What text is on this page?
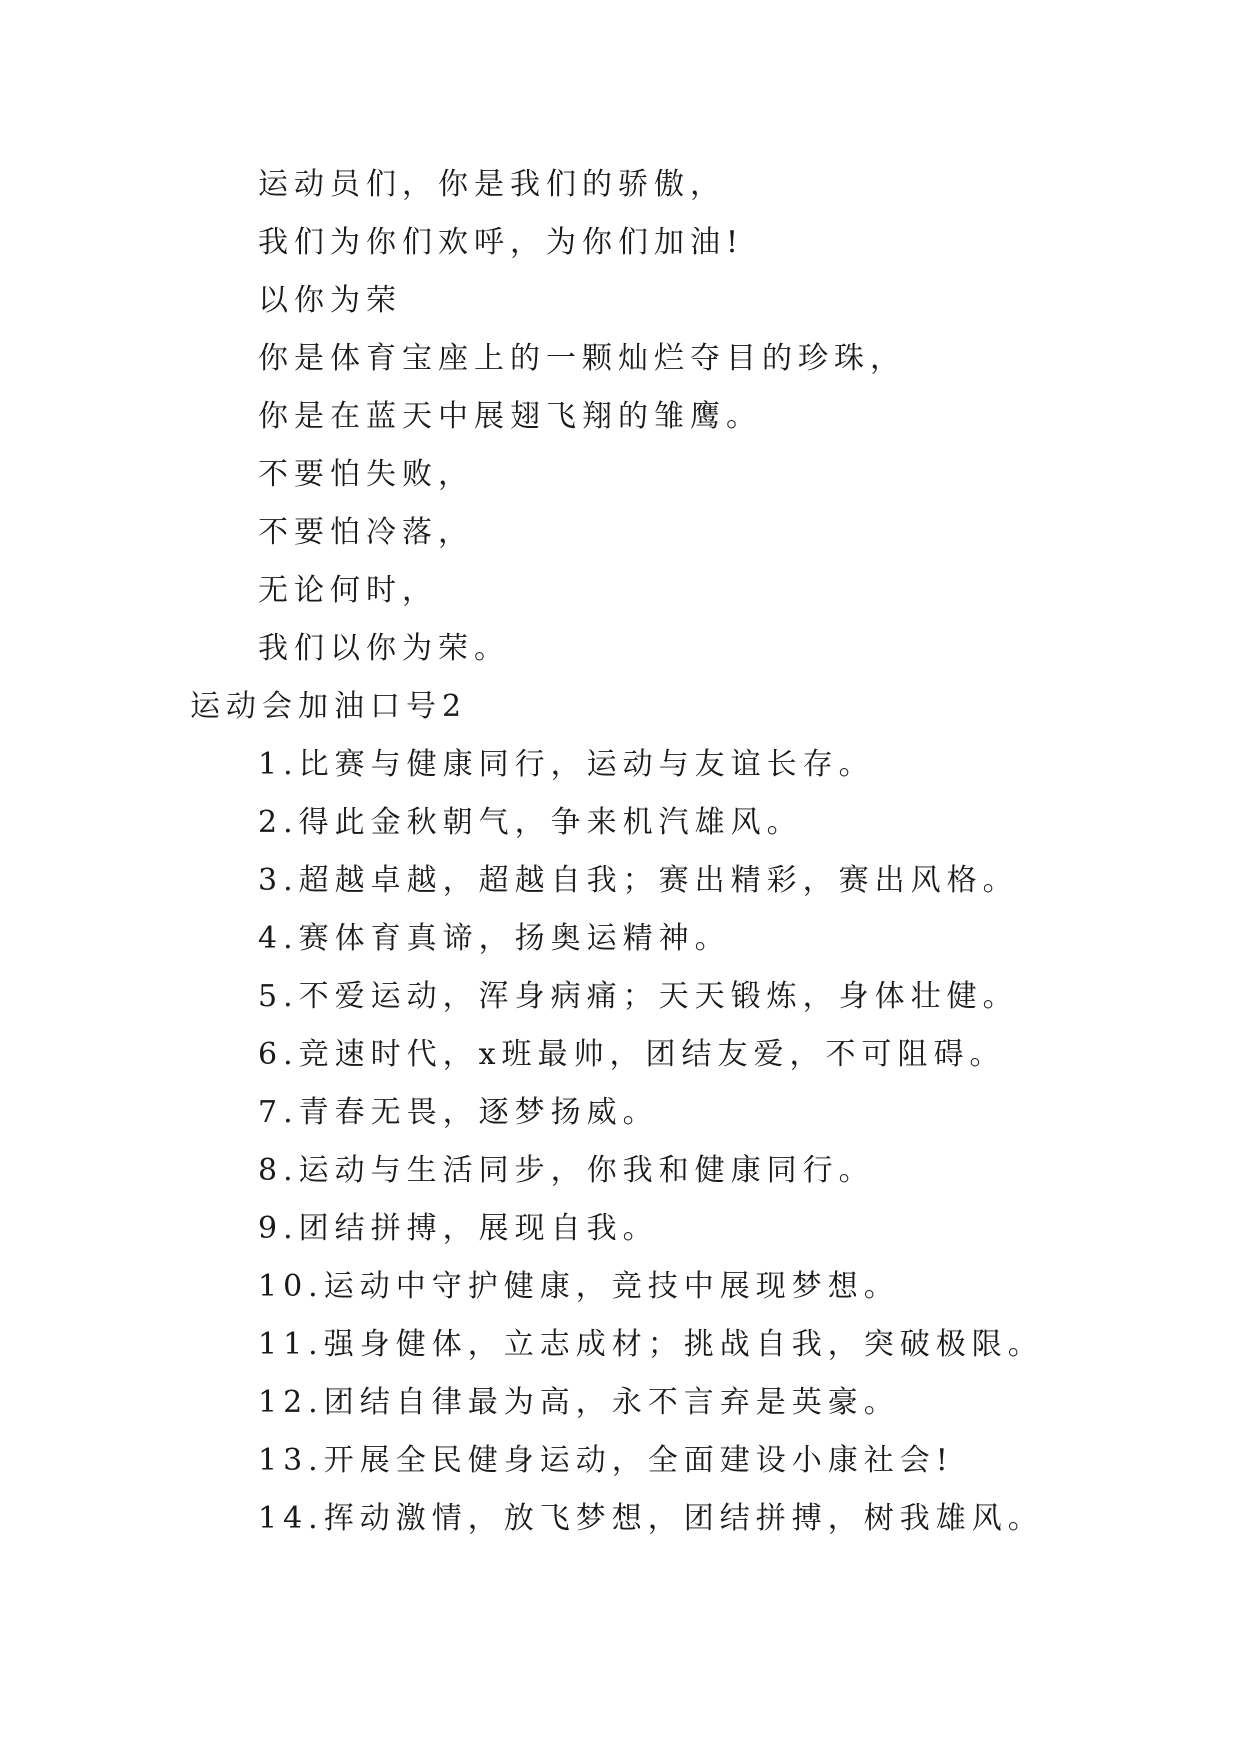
运动员们，你是我们的骄傲，
我们为你们欢呼，为你们加油!
以你为荣
你是体育宝座上的一颗灿烂夺目的珍珠，
你是在蓝天中展翅飞翔的雏鹰。
不要怕失败，
不要怕冷落，
无论何时，
我们以你为荣。
运动会加油口号2
1.比赛与健康同行，运动与友谊长存。
2.得此金秋朝气，争来机汽雄风。
3.超越卓越，超越自我；赛出精彩，赛出风格。
4.赛体育真谛，扬奥运精神。
5.不爱运动，浑身病痛；天天锻炼，身体壮健。
6.竞速时代，x班最帅，团结友爱，不可阻碍。
7.青春无畏，逐梦扬威。
8.运动与生活同步，你我和健康同行。
9.团结拼搏，展现自我。
10.运动中守护健康，竞技中展现梦想。
11.强身健体，立志成材；挑战自我，突破极限。
12.团结自律最为高，永不言弃是英豪。
13.开展全民健身运动，全面建设小康社会!
14.挥动激情，放飞梦想，团结拼搏，树我雄风。
